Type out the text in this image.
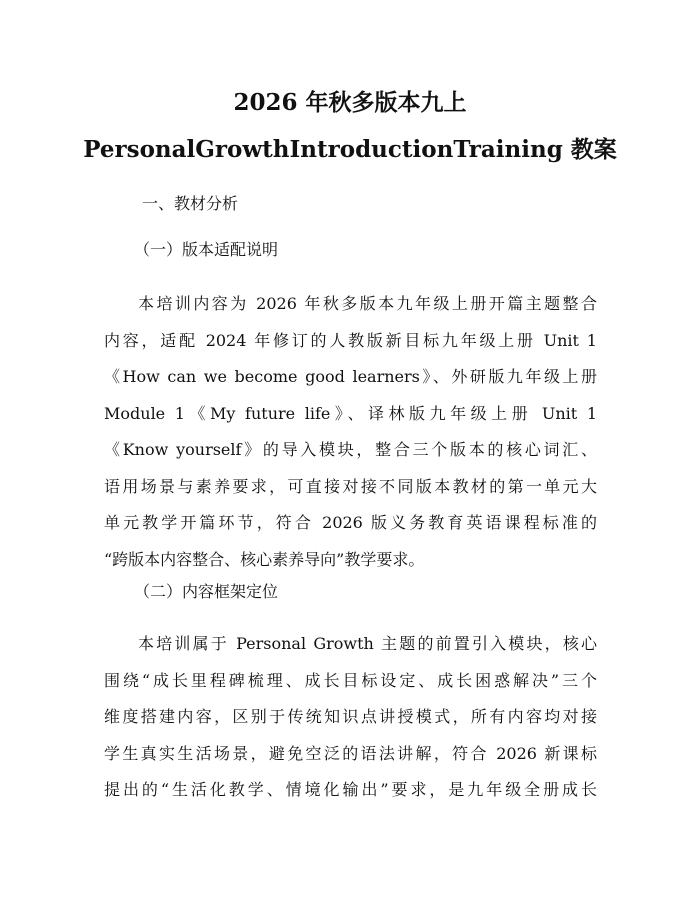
2026 年秋多版本九上
PersonalGrowthIntroductionTraining 教案
一、教材分析
（一）版本适配说明
本培训内容为 2026 年秋多版本九年级上册开篇主题整合
内容，适配 2024 年修订的人教版新目标九年级上册 Unit 1
《How can we become good learners》、外研版九年级上册
Module 1《My future life》、译林版九年级上册 Unit 1
《Know yourself》的导入模块，整合三个版本的核心词汇、
语用场景与素养要求，可直接对接不同版本教材的第一单元大
单元教学开篇环节，符合 2026 版义务教育英语课程标准的
“跨版本内容整合、核心素养导向”教学要求。
（二）内容框架定位
本培训属于 Personal Growth 主题的前置引入模块，核心
围绕“成长里程碑梳理、成长目标设定、成长困惑解决”三个
维度搭建内容，区别于传统知识点讲授模式，所有内容均对接
学生真实生活场景，避免空泛的语法讲解，符合 2026 新课标
提出的“生活化教学、情境化输出”要求，是九年级全册成长
